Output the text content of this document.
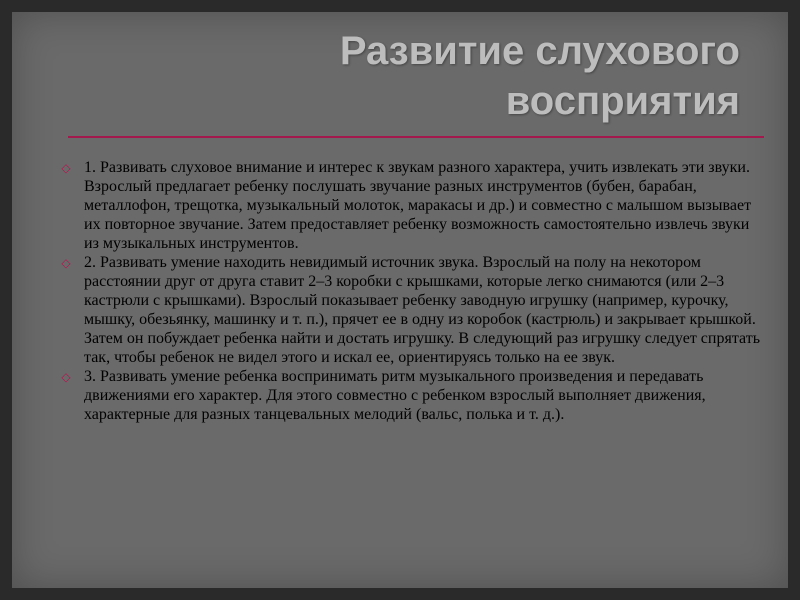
Развитие слухового
восприятия
◇ 1. Развивать слуховое внимание и интерес к звукам разного характера, учить извлекать эти звуки. Взрослый предлагает ребенку послушать звучание разных инструментов (бубен, барабан, металлофон, трещотка, музыкальный молоток, маракасы и др.) и совместно с малышом вызывает их повторное звучание. Затем предоставляет ребенку возможность самостоятельно извлечь звуки из музыкальных инструментов.
◇ 2. Развивать умение находить невидимый источник звука. Взрослый на полу на некотором расстоянии друг от друга ставит 2–3 коробки с крышками, которые легко снимаются (или 2–3 кастрюли с крышками). Взрослый показывает ребенку заводную игрушку (например, курочку, мышку, обезьянку, машинку и т. п.), прячет ее в одну из коробок (кастрюль) и закрывает крышкой. Затем он побуждает ребенка найти и достать игрушку. В следующий раз игрушку следует спрятать так, чтобы ребенок не видел этого и искал ее, ориентируясь только на ее звук.
◇ 3. Развивать умение ребенка воспринимать ритм музыкального произведения и передавать движениями его характер. Для этого совместно с ребенком взрослый выполняет движения, характерные для разных танцевальных мелодий (вальс, полька и т. д.).
